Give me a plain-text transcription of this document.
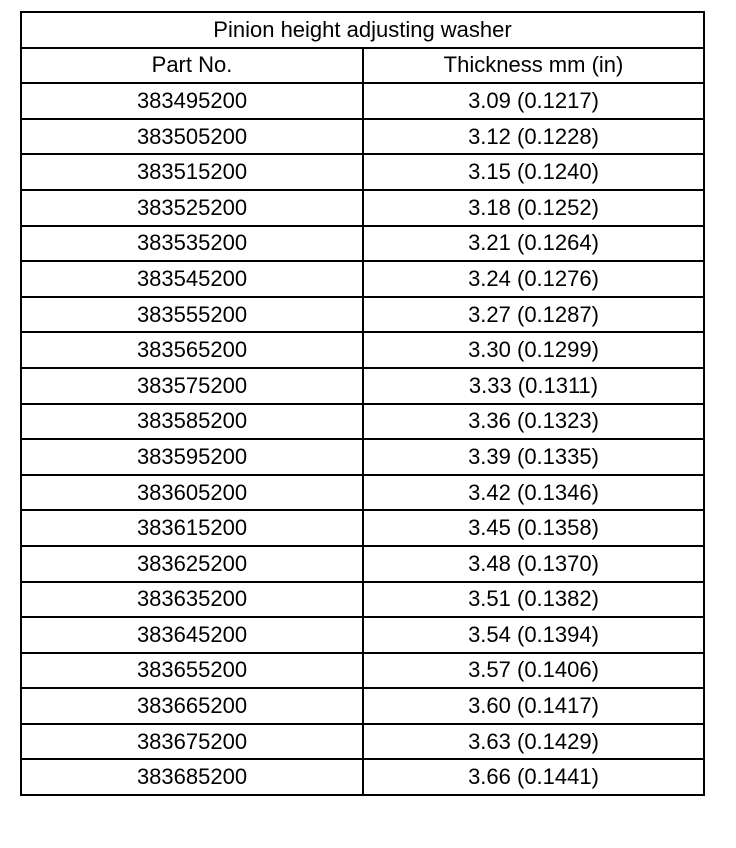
Pinion height adjusting washer	
Part No.	Thickness mm (in)
383495200	3.09 (0.1217)
383505200	3.12 (0.1228)
383515200	3.15 (0.1240)
383525200	3.18 (0.1252)
383535200	3.21 (0.1264)
383545200	3.24 (0.1276)
383555200	3.27 (0.1287)
383565200	3.30 (0.1299)
383575200	3.33 (0.1311)
383585200	3.36 (0.1323)
383595200	3.39 (0.1335)
383605200	3.42 (0.1346)
383615200	3.45 (0.1358)
383625200	3.48 (0.1370)
383635200	3.51 (0.1382)
383645200	3.54 (0.1394)
383655200	3.57 (0.1406)
383665200	3.60 (0.1417)
383675200	3.63 (0.1429)
383685200	3.66 (0.1441)
